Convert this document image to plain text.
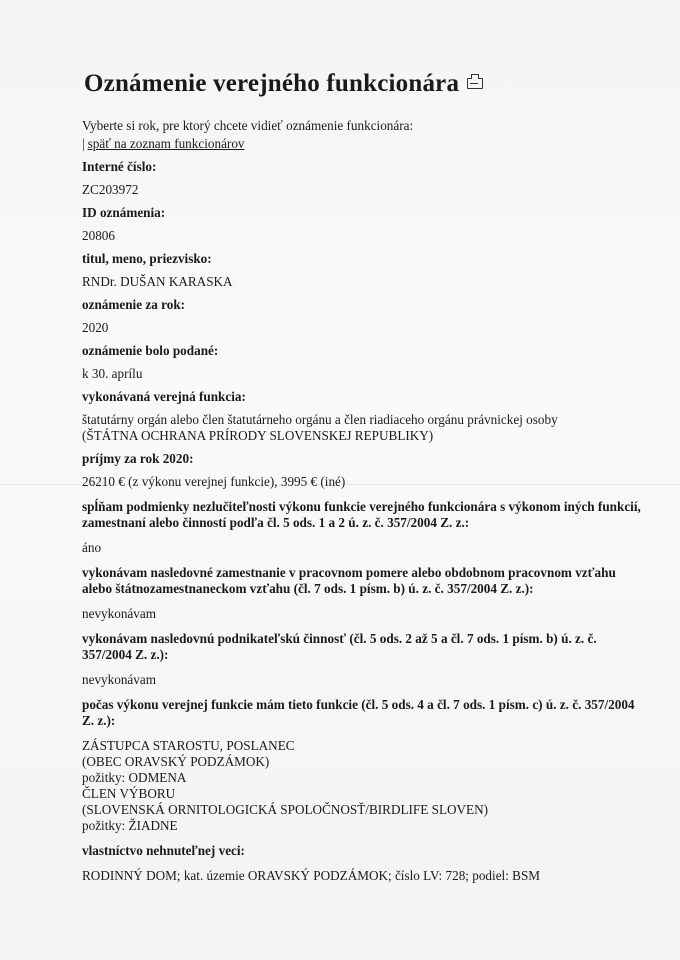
Oznámenie verejného funkcionára

Vyberte si rok, pre ktorý chcete vidieť oznámenie funkcionára:

| späť na zoznam funkcionárov

Interné číslo:

ZC203972

ID oznámenia:

20806

titul, meno, priezvisko:

RNDr. DUŠAN KARASKA

oznámenie za rok:

2020

oznámenie bolo podané:

k 30. aprílu

vykonávaná verejná funkcia:

štatutárny orgán alebo člen štatutárneho orgánu a člen riadiaceho orgánu právnickej osoby

(ŠTÁTNA OCHRANA PRÍRODY SLOVENSKEJ REPUBLIKY)

príjmy za rok 2020:

26210 € (z výkonu verejnej funkcie), 3995 € (iné)

spĺňam podmienky nezlučiteľnosti výkonu funkcie verejného funkcionára s výkonom iných funkcií, zamestnaní alebo činností podľa čl. 5 ods. 1 a 2 ú. z. č. 357/2004 Z. z.:

áno

vykonávam nasledovné zamestnanie v pracovnom pomere alebo obdobnom pracovnom vzťahu alebo štátnozamestnaneckom vzťahu (čl. 7 ods. 1 písm. b) ú. z. č. 357/2004 Z. z.):

nevykonávam

vykonávam nasledovnú podnikateľskú činnosť (čl. 5 ods. 2 až 5 a čl. 7 ods. 1 písm. b) ú. z. č. 357/2004 Z. z.):

nevykonávam

počas výkonu verejnej funkcie mám tieto funkcie (čl. 5 ods. 4 a čl. 7 ods. 1 písm. c) ú. z. č. 357/2004 Z. z.):

ZÁSTUPCA STAROSTU, POSLANEC

(OBEC ORAVSKÝ PODZÁMOK)

požitky: ODMENA

ČLEN VÝBORU

(SLOVENSKÁ ORNITOLOGICKÁ SPOLOČNOSŤ/BIRDLIFE SLOVEN)

požitky: ŽIADNE

vlastníctvo nehnuteľnej veci:

RODINNÝ DOM; kat. územie ORAVSKÝ PODZÁMOK; číslo LV: 728; podiel: BSM
